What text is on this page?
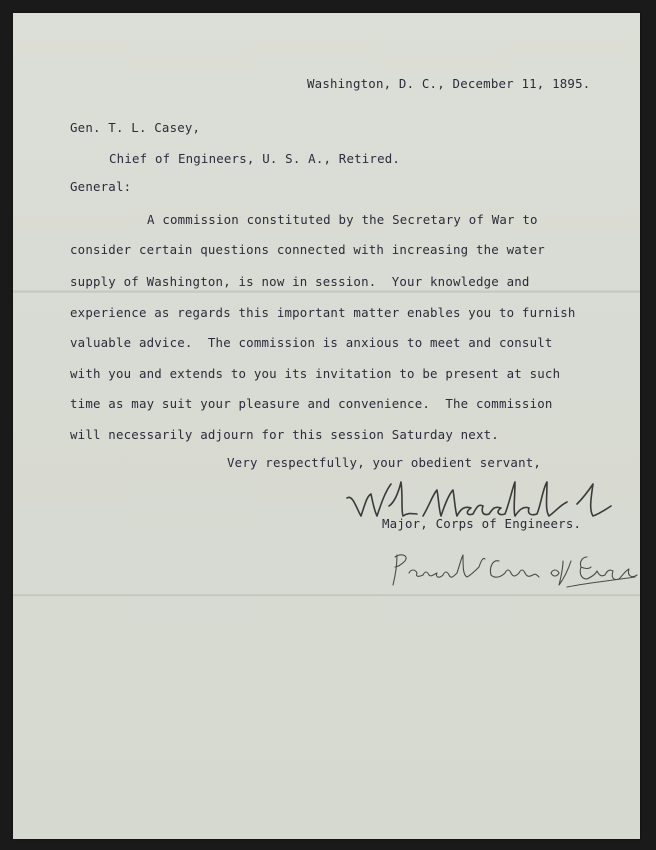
Washington, D. C., December 11, 1895.
Gen. T. L. Casey,
Chief of Engineers, U. S. A., Retired.
General:
A commission constituted by the Secretary of War to
consider certain questions connected with increasing the water
supply of Washington, is now in session.  Your knowledge and
experience as regards this important matter enables you to furnish
valuable advice.  The commission is anxious to meet and consult
with you and extends to you its invitation to be present at such
time as may suit your pleasure and convenience.  The commission
will necessarily adjourn for this session Saturday next.
Very respectfully, your obedient servant,
Major, Corps of Engineers.
